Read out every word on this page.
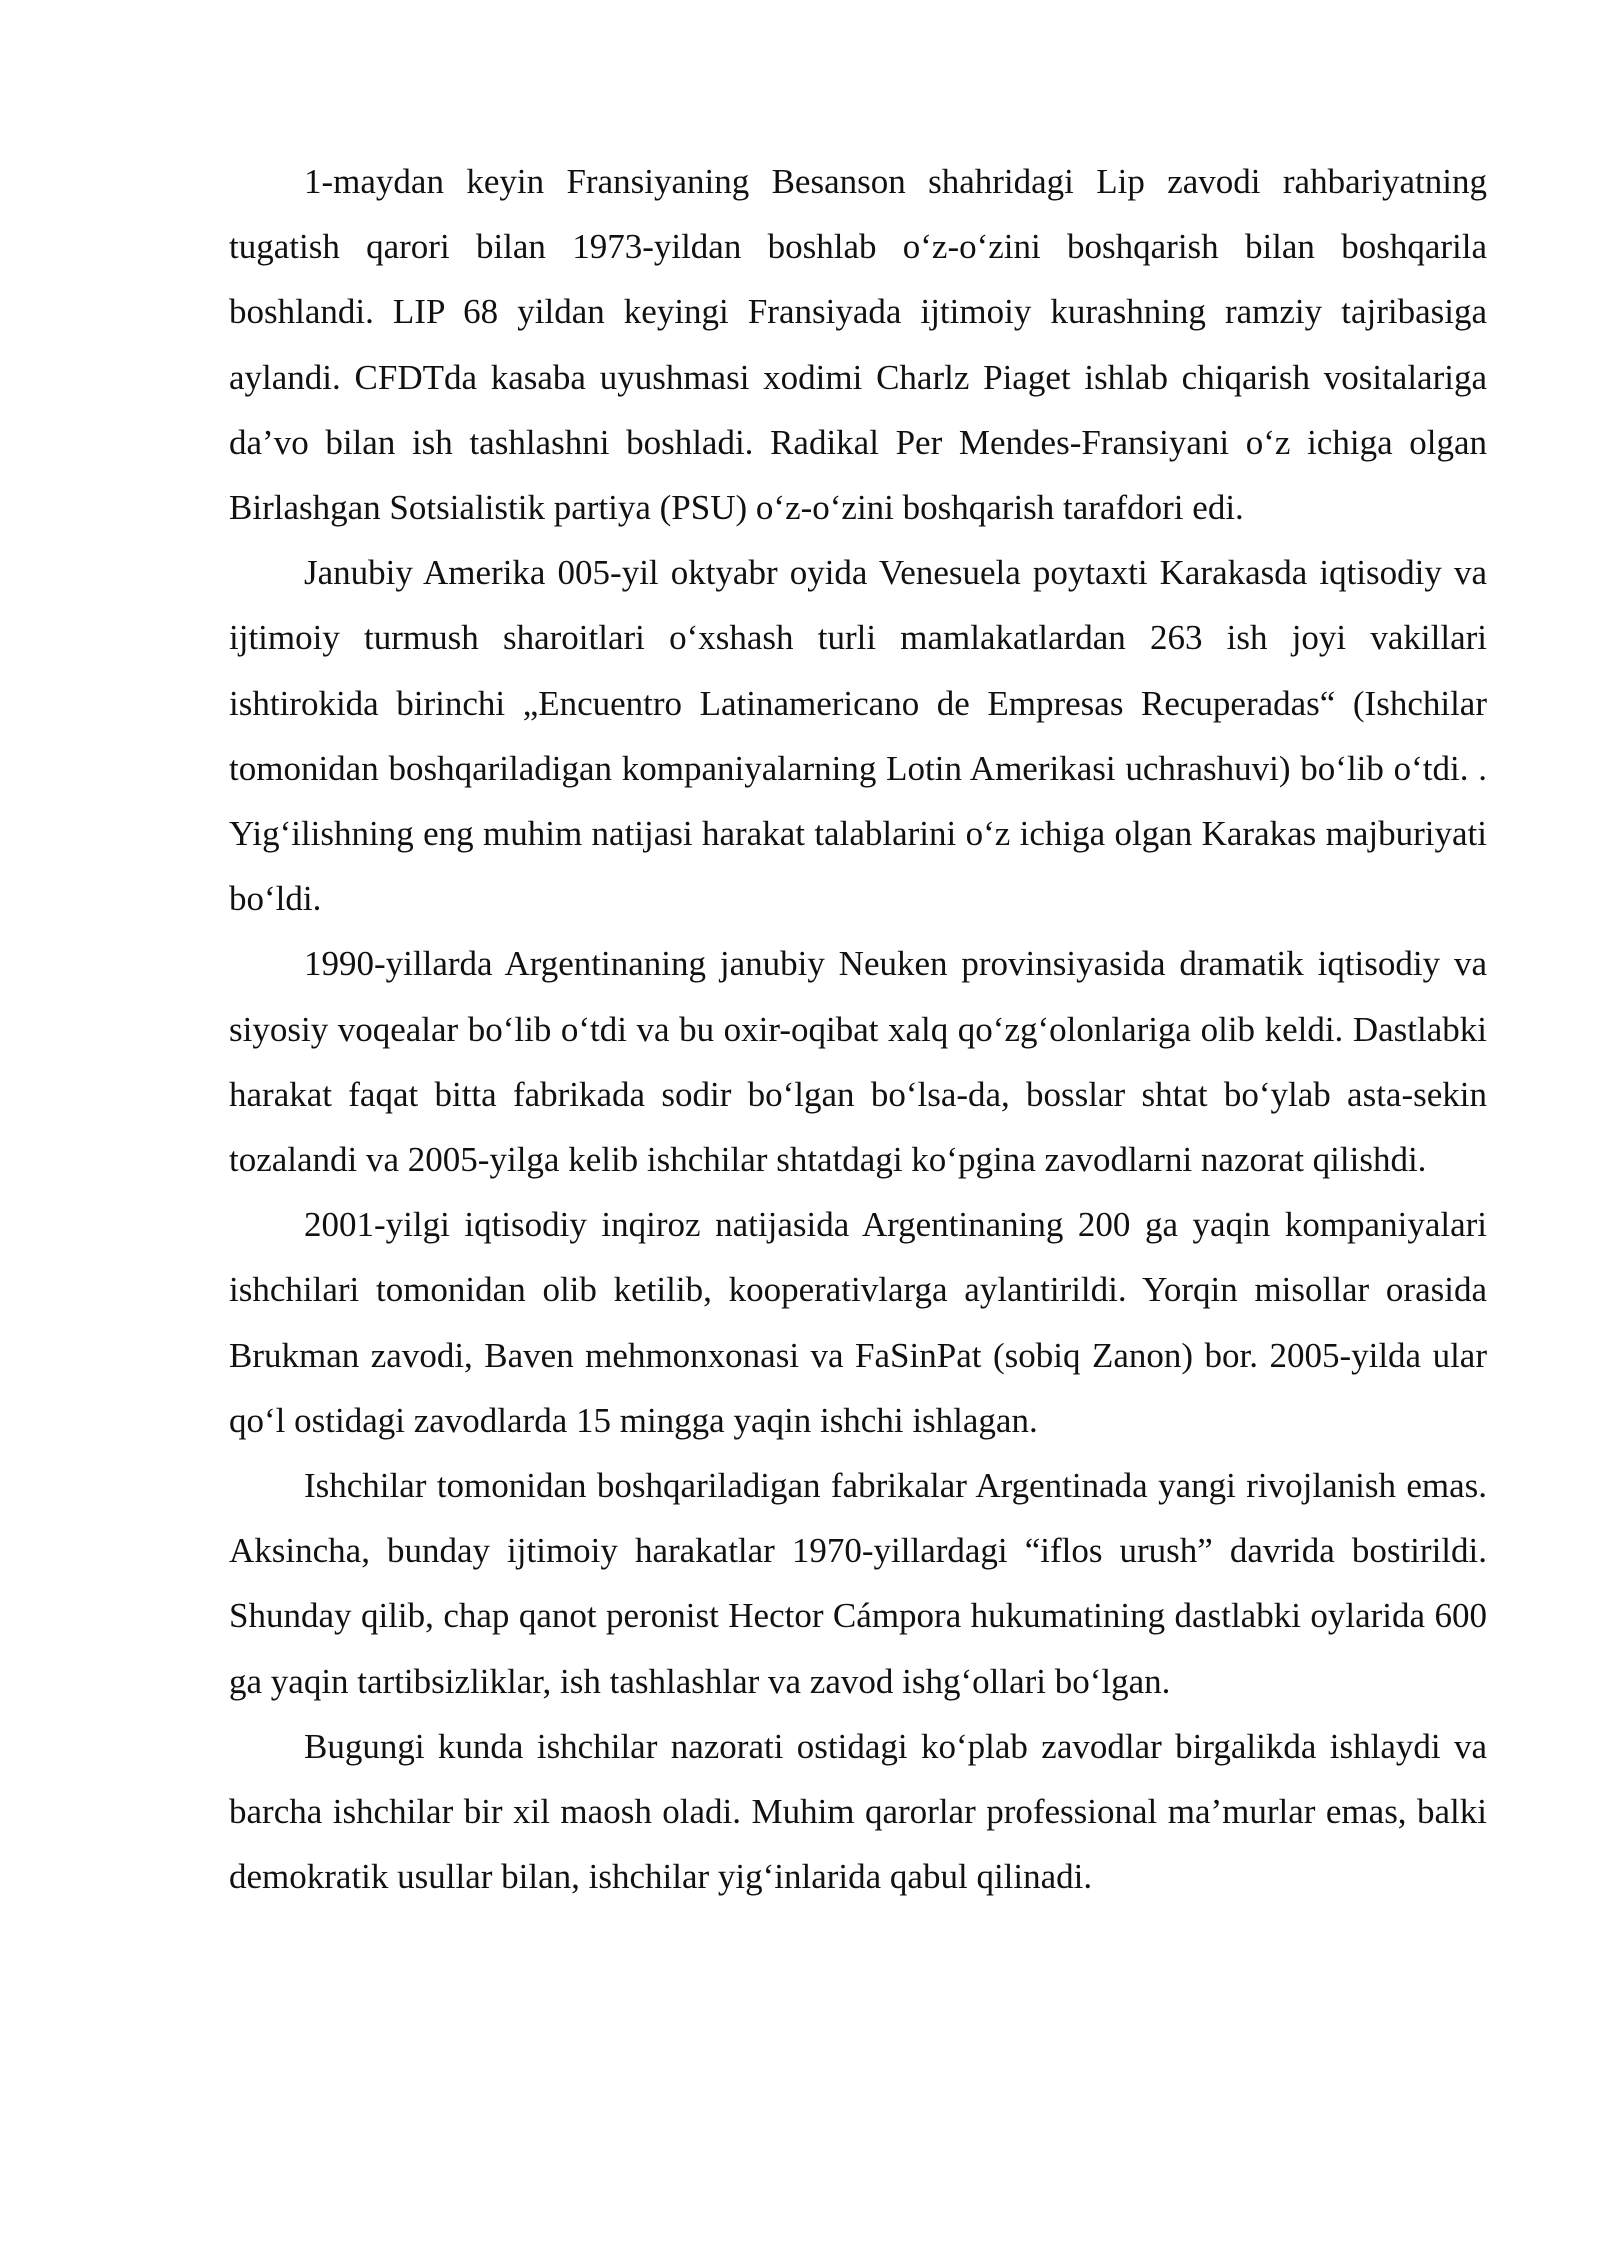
1-maydan keyin Fransiyaning Besanson shahridagi Lip zavodi rahbariyatning tugatish qarori bilan 1973-yildan boshlab o‘z-o‘zini boshqarish bilan boshqarila boshlandi. LIP 68 yildan keyingi Fransiyada ijtimoiy kurashning ramziy tajribasiga aylandi. CFDTda kasaba uyushmasi xodimi Charlz Piaget ishlab chiqarish vositalariga da’vo bilan ish tashlashni boshladi. Radikal Per Mendes-Fransiyani o‘z ichiga olgan Birlashgan Sotsialistik partiya (PSU) o‘z-o‘zini boshqarish tarafdori edi.

Janubiy Amerika 005-yil oktyabr oyida Venesuela poytaxti Karakasda iqtisodiy va ijtimoiy turmush sharoitlari o‘xshash turli mamlakatlardan 263 ish joyi vakillari ishtirokida birinchi „Encuentro Latinamericano de Empresas Recuperadas“ (Ishchilar tomonidan boshqariladigan kompaniyalarning Lotin Amerikasi uchrashuvi) bo‘lib o‘tdi. . Yig‘ilishning eng muhim natijasi harakat talablarini o‘z ichiga olgan Karakas majburiyati bo‘ldi.

1990-yillarda Argentinaning janubiy Neuken provinsiyasida dramatik iqtisodiy va siyosiy voqealar bo‘lib o‘tdi va bu oxir-oqibat xalq qo‘zg‘olonlariga olib keldi. Dastlabki harakat faqat bitta fabrikada sodir bo‘lgan bo‘lsa-da, bosslar shtat bo‘ylab asta-sekin tozalandi va 2005-yilga kelib ishchilar shtatdagi ko‘pgina zavodlarni nazorat qilishdi.

2001-yilgi iqtisodiy inqiroz natijasida Argentinaning 200 ga yaqin kompaniyalari ishchilari tomonidan olib ketilib, kooperativlarga aylantirildi. Yorqin misollar orasida Brukman zavodi, Baven mehmonxonasi va FaSinPat (sobiq Zanon) bor. 2005-yilda ular qo‘l ostidagi zavodlarda 15 mingga yaqin ishchi ishlagan.

Ishchilar tomonidan boshqariladigan fabrikalar Argentinada yangi rivojlanish emas. Aksincha, bunday ijtimoiy harakatlar 1970-yillardagi “iflos urush” davrida bostirildi. Shunday qilib, chap qanot peronist Hector Cámpora hukumatining dastlabki oylarida 600 ga yaqin tartibsizliklar, ish tashlashlar va zavod ishg‘ollari bo‘lgan.

Bugungi kunda ishchilar nazorati ostidagi ko‘plab zavodlar birgalikda ishlaydi va barcha ishchilar bir xil maosh oladi. Muhim qarorlar professional ma’murlar emas, balki demokratik usullar bilan, ishchilar yig‘inlarida qabul qilinadi.
